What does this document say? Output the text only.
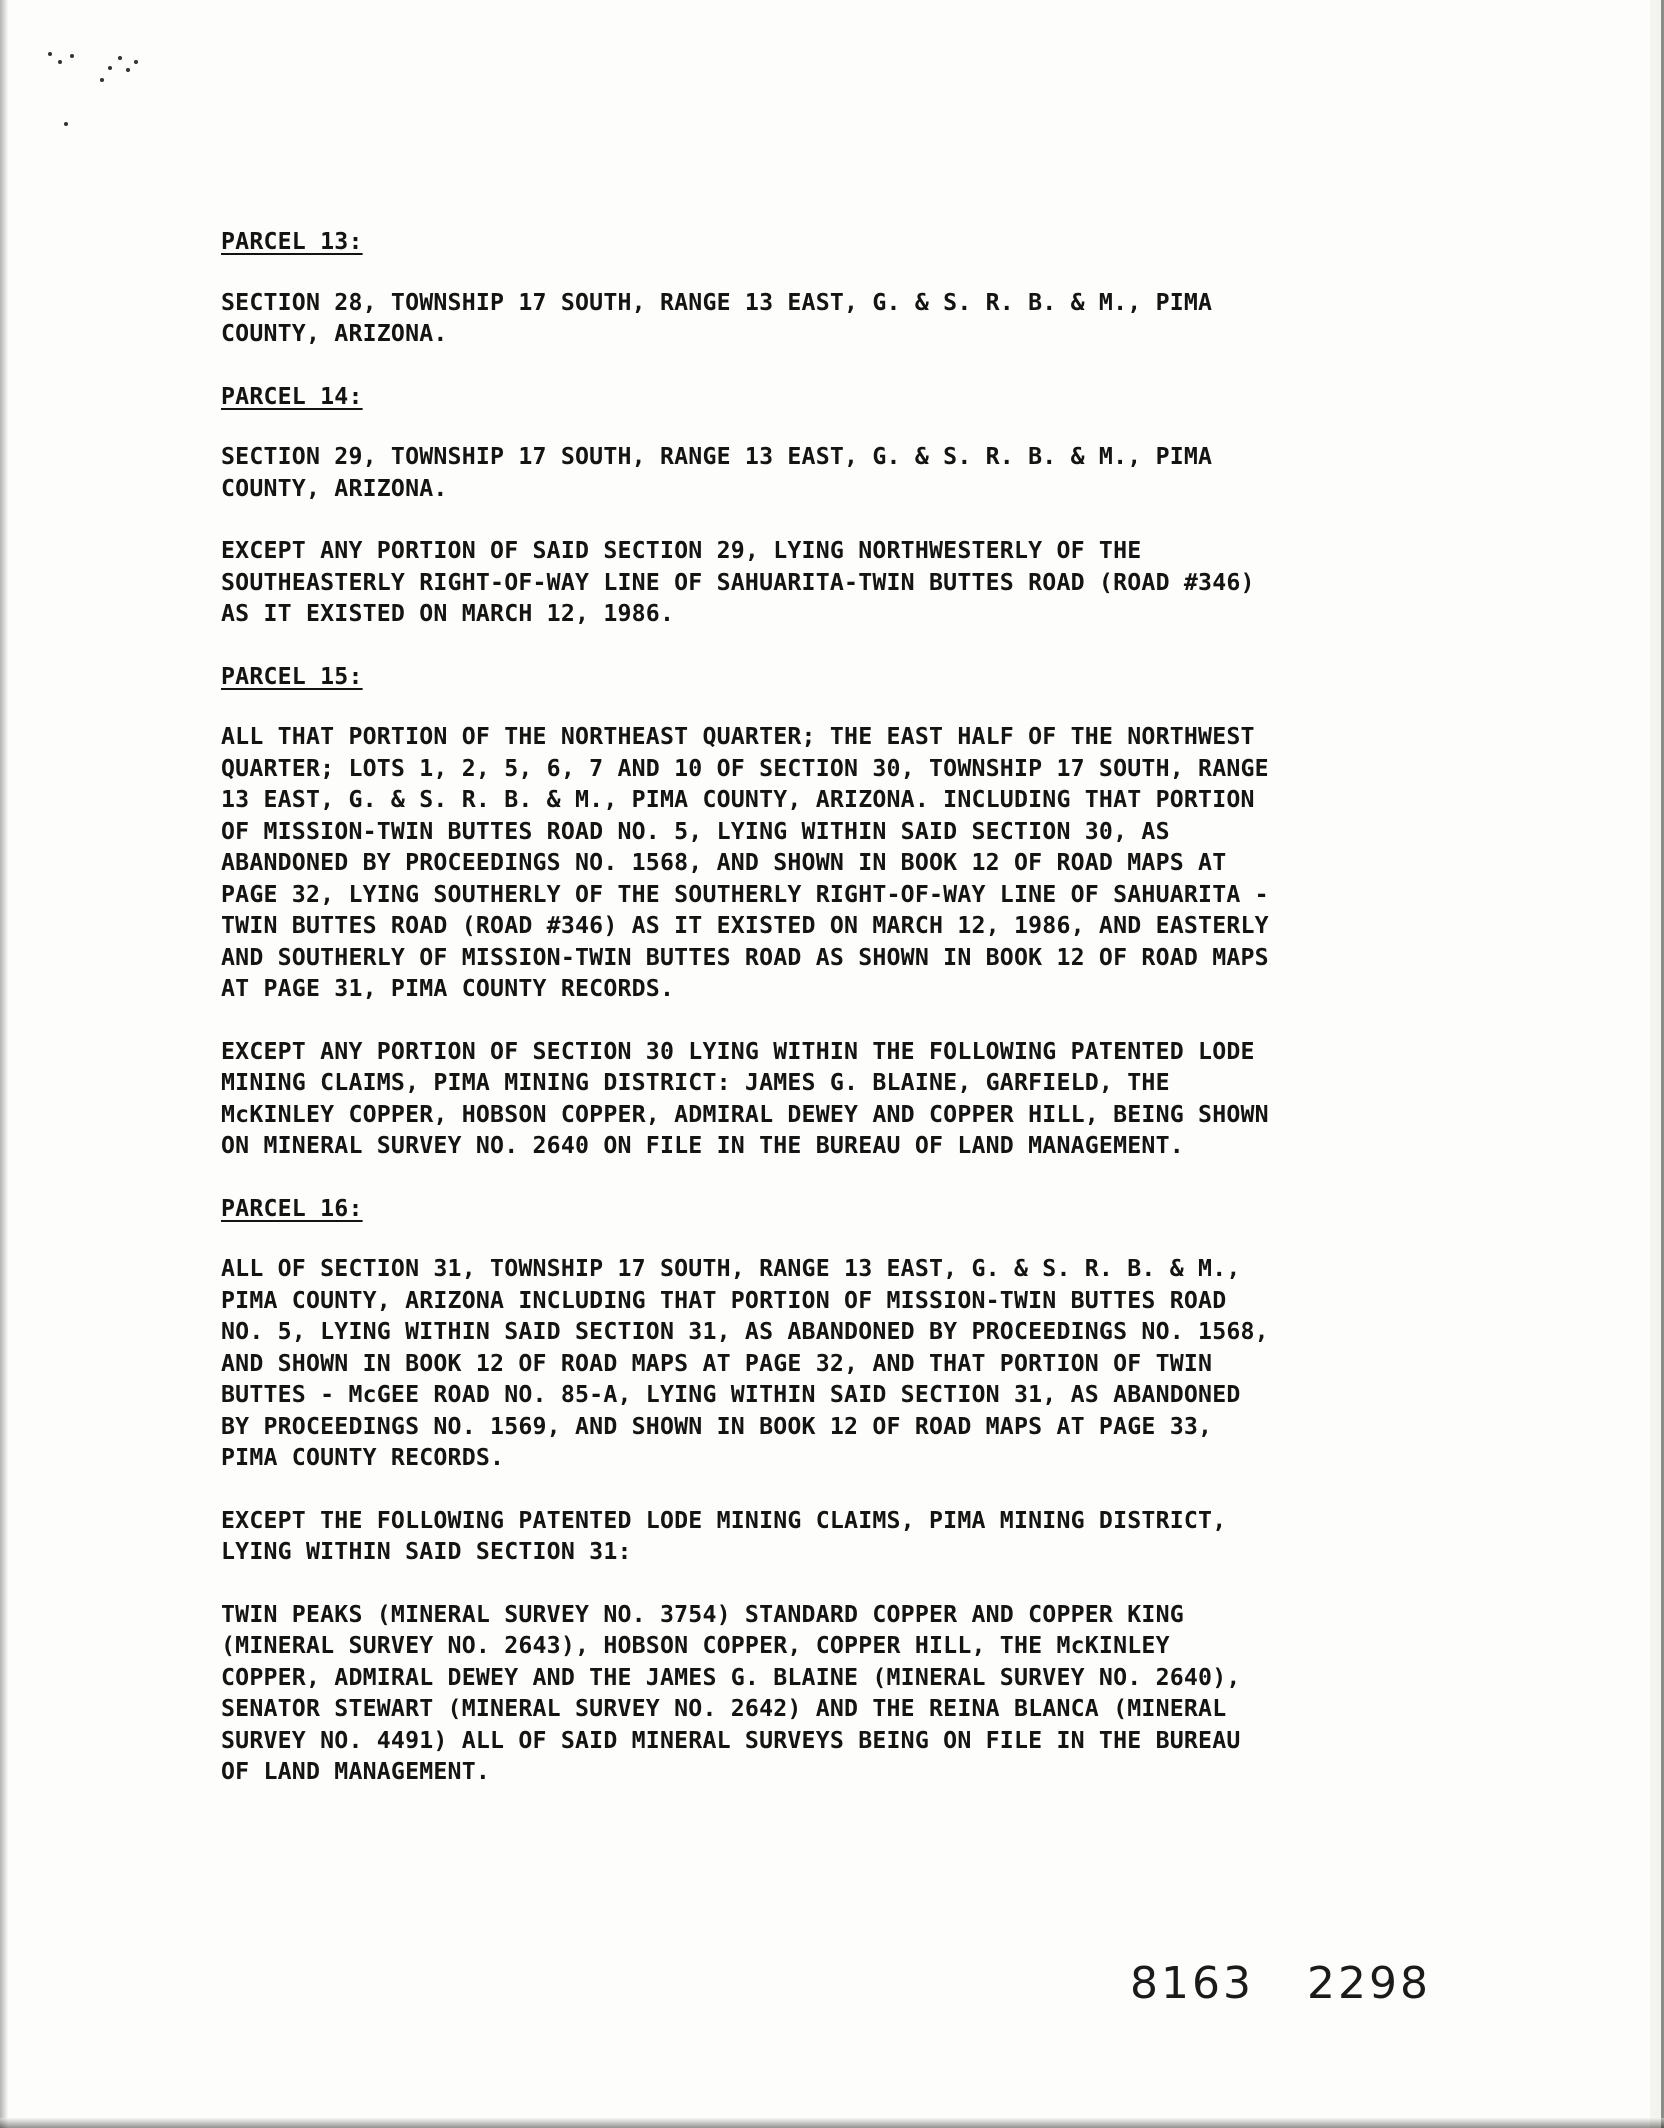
PARCEL 13:
SECTION 28, TOWNSHIP 17 SOUTH, RANGE 13 EAST, G. & S. R. B. & M., PIMA
COUNTY, ARIZONA.
PARCEL 14:
SECTION 29, TOWNSHIP 17 SOUTH, RANGE 13 EAST, G. & S. R. B. & M., PIMA
COUNTY, ARIZONA.
EXCEPT ANY PORTION OF SAID SECTION 29, LYING NORTHWESTERLY OF THE
SOUTHEASTERLY RIGHT-OF-WAY LINE OF SAHUARITA-TWIN BUTTES ROAD (ROAD #346)
AS IT EXISTED ON MARCH 12, 1986.
PARCEL 15:
ALL THAT PORTION OF THE NORTHEAST QUARTER; THE EAST HALF OF THE NORTHWEST
QUARTER; LOTS 1, 2, 5, 6, 7 AND 10 OF SECTION 30, TOWNSHIP 17 SOUTH, RANGE
13 EAST, G. & S. R. B. & M., PIMA COUNTY, ARIZONA. INCLUDING THAT PORTION
OF MISSION-TWIN BUTTES ROAD NO. 5, LYING WITHIN SAID SECTION 30, AS
ABANDONED BY PROCEEDINGS NO. 1568, AND SHOWN IN BOOK 12 OF ROAD MAPS AT
PAGE 32, LYING SOUTHERLY OF THE SOUTHERLY RIGHT-OF-WAY LINE OF SAHUARITA -
TWIN BUTTES ROAD (ROAD #346) AS IT EXISTED ON MARCH 12, 1986, AND EASTERLY
AND SOUTHERLY OF MISSION-TWIN BUTTES ROAD AS SHOWN IN BOOK 12 OF ROAD MAPS
AT PAGE 31, PIMA COUNTY RECORDS.
EXCEPT ANY PORTION OF SECTION 30 LYING WITHIN THE FOLLOWING PATENTED LODE
MINING CLAIMS, PIMA MINING DISTRICT: JAMES G. BLAINE, GARFIELD, THE
McKINLEY COPPER, HOBSON COPPER, ADMIRAL DEWEY AND COPPER HILL, BEING SHOWN
ON MINERAL SURVEY NO. 2640 ON FILE IN THE BUREAU OF LAND MANAGEMENT.
PARCEL 16:
ALL OF SECTION 31, TOWNSHIP 17 SOUTH, RANGE 13 EAST, G. & S. R. B. & M.,
PIMA COUNTY, ARIZONA INCLUDING THAT PORTION OF MISSION-TWIN BUTTES ROAD
NO. 5, LYING WITHIN SAID SECTION 31, AS ABANDONED BY PROCEEDINGS NO. 1568,
AND SHOWN IN BOOK 12 OF ROAD MAPS AT PAGE 32, AND THAT PORTION OF TWIN
BUTTES - McGEE ROAD NO. 85-A, LYING WITHIN SAID SECTION 31, AS ABANDONED
BY PROCEEDINGS NO. 1569, AND SHOWN IN BOOK 12 OF ROAD MAPS AT PAGE 33,
PIMA COUNTY RECORDS.
EXCEPT THE FOLLOWING PATENTED LODE MINING CLAIMS, PIMA MINING DISTRICT,
LYING WITHIN SAID SECTION 31:
TWIN PEAKS (MINERAL SURVEY NO. 3754) STANDARD COPPER AND COPPER KING
(MINERAL SURVEY NO. 2643), HOBSON COPPER, COPPER HILL, THE McKINLEY
COPPER, ADMIRAL DEWEY AND THE JAMES G. BLAINE (MINERAL SURVEY NO. 2640),
SENATOR STEWART (MINERAL SURVEY NO. 2642) AND THE REINA BLANCA (MINERAL
SURVEY NO. 4491) ALL OF SAID MINERAL SURVEYS BEING ON FILE IN THE BUREAU
OF LAND MANAGEMENT.
8163 2298
